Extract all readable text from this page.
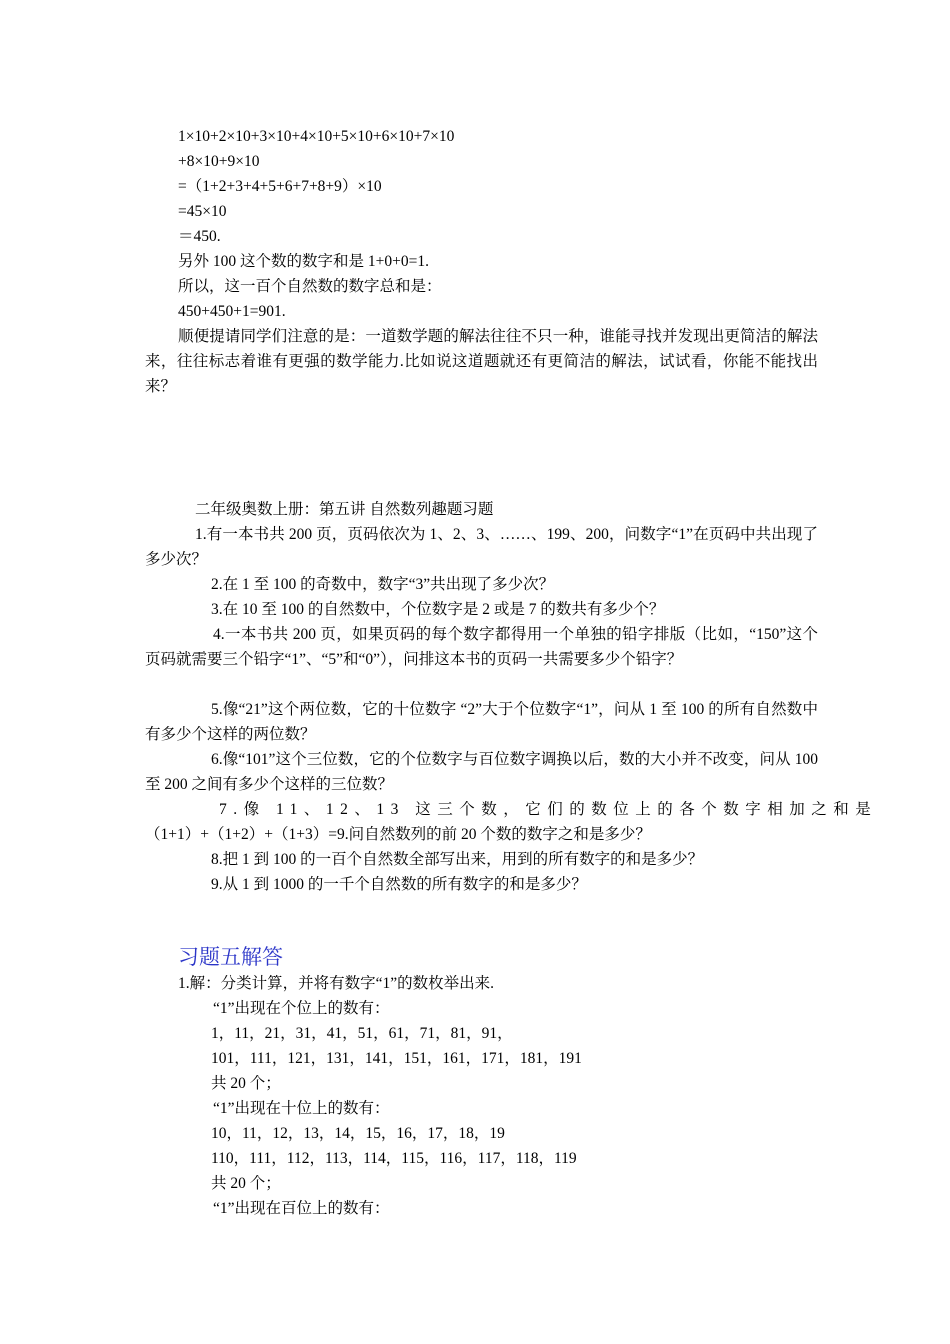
1×10+2×10+3×10+4×10+5×10+6×10+7×10
+8×10+9×10
=（1+2+3+4+5+6+7+8+9）×10
=45×10
＝450.
另外 100 这个数的数字和是 1+0+0=1.
所以，这一百个自然数的数字总和是：
450+450+1=901.
顺便提请同学们注意的是：一道数学题的解法往往不只一种，谁能寻找并发现出更简洁的解法来，往往标志着谁有更强的数学能力.比如说这道题就还有更简洁的解法，试试看，你能不能找出来？
二年级奥数上册：第五讲 自然数列趣题习题
1.有一本书共 200 页，页码依次为 1、2、3、……、199、200，问数字“1”在页码中共出现了多少次？
2.在 1 至 100 的奇数中，数字“3”共出现了多少次？
3.在 10 至 100 的自然数中，个位数字是 2 或是 7 的数共有多少个？
4.一本书共 200 页，如果页码的每个数字都得用一个单独的铅字排版（比如，“150”这个页码就需要三个铅字“1”、“5”和“0”），问排这本书的页码一共需要多少个铅字？
5.像“21”这个两位数，它的十位数字 “2”大于个位数字“1”，问从 1 至 100 的所有自然数中有多少个这样的两位数？
6.像“101”这个三位数，它的个位数字与百位数字调换以后，数的大小并不改变，问从 100 至 200 之间有多少个这样的三位数？
7.像 11、12、13 这三个数，它们的数位上的各个数字相加之和是
（1+1）+（1+2）+（1+3）=9.问自然数列的前 20 个数的数字之和是多少？
8.把 1 到 100 的一百个自然数全部写出来，用到的所有数字的和是多少？
9.从 1 到 1000 的一千个自然数的所有数字的和是多少？
习题五解答
1.解：分类计算，并将有数字“1”的数枚举出来.
“1”出现在个位上的数有：
1，11，21，31，41，51，61，71，81，91，
101，111，121，131，141，151，161，171，181，191
共 20 个；
“1”出现在十位上的数有：
10，11，12，13，14，15，16，17，18，19
110，111，112，113，114，115，116，117，118，119
共 20 个；
“1”出现在百位上的数有：
